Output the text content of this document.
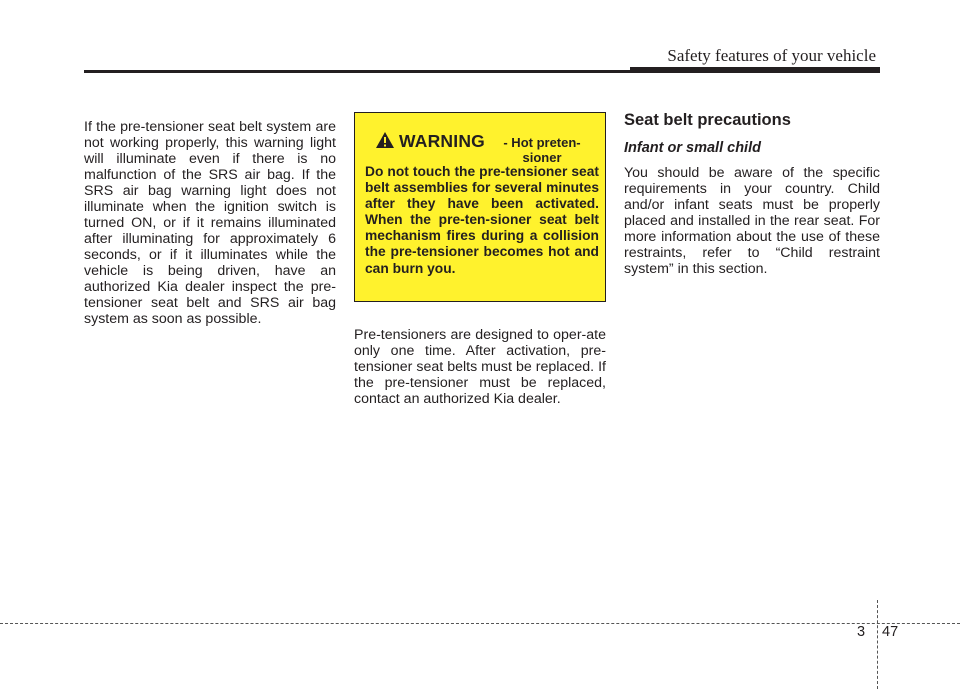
Safety features of your vehicle
If the pre-tensioner seat belt system are not working properly, this warning light will illuminate even if there is no malfunction of the SRS air bag. If the SRS air bag warning light does not illuminate when the ignition switch is turned ON, or if it remains illuminated after illuminating for approximately 6 seconds, or if it illuminates while the vehicle is being driven, have an authorized Kia dealer inspect the pre-tensioner seat belt and SRS air bag system as soon as possible.
WARNING	- Hot preten-sioner
Do not touch the pre-tensioner seat belt assemblies for several minutes after they have been activated. When the pre-ten-sioner seat belt mechanism fires during a collision the pre-tensioner becomes hot and can burn you.
Pre-tensioners are designed to oper-ate only one time. After activation, pre-tensioner seat belts must be replaced. If the pre-tensioner must be replaced, contact an authorized Kia dealer.
Seat belt precautions
Infant or small child
You should be aware of the specific requirements in your country. Child and/or infant seats must be properly placed and installed in the rear seat. For more information about the use of these restraints, refer to “Child restraint system” in this section.
3 47
